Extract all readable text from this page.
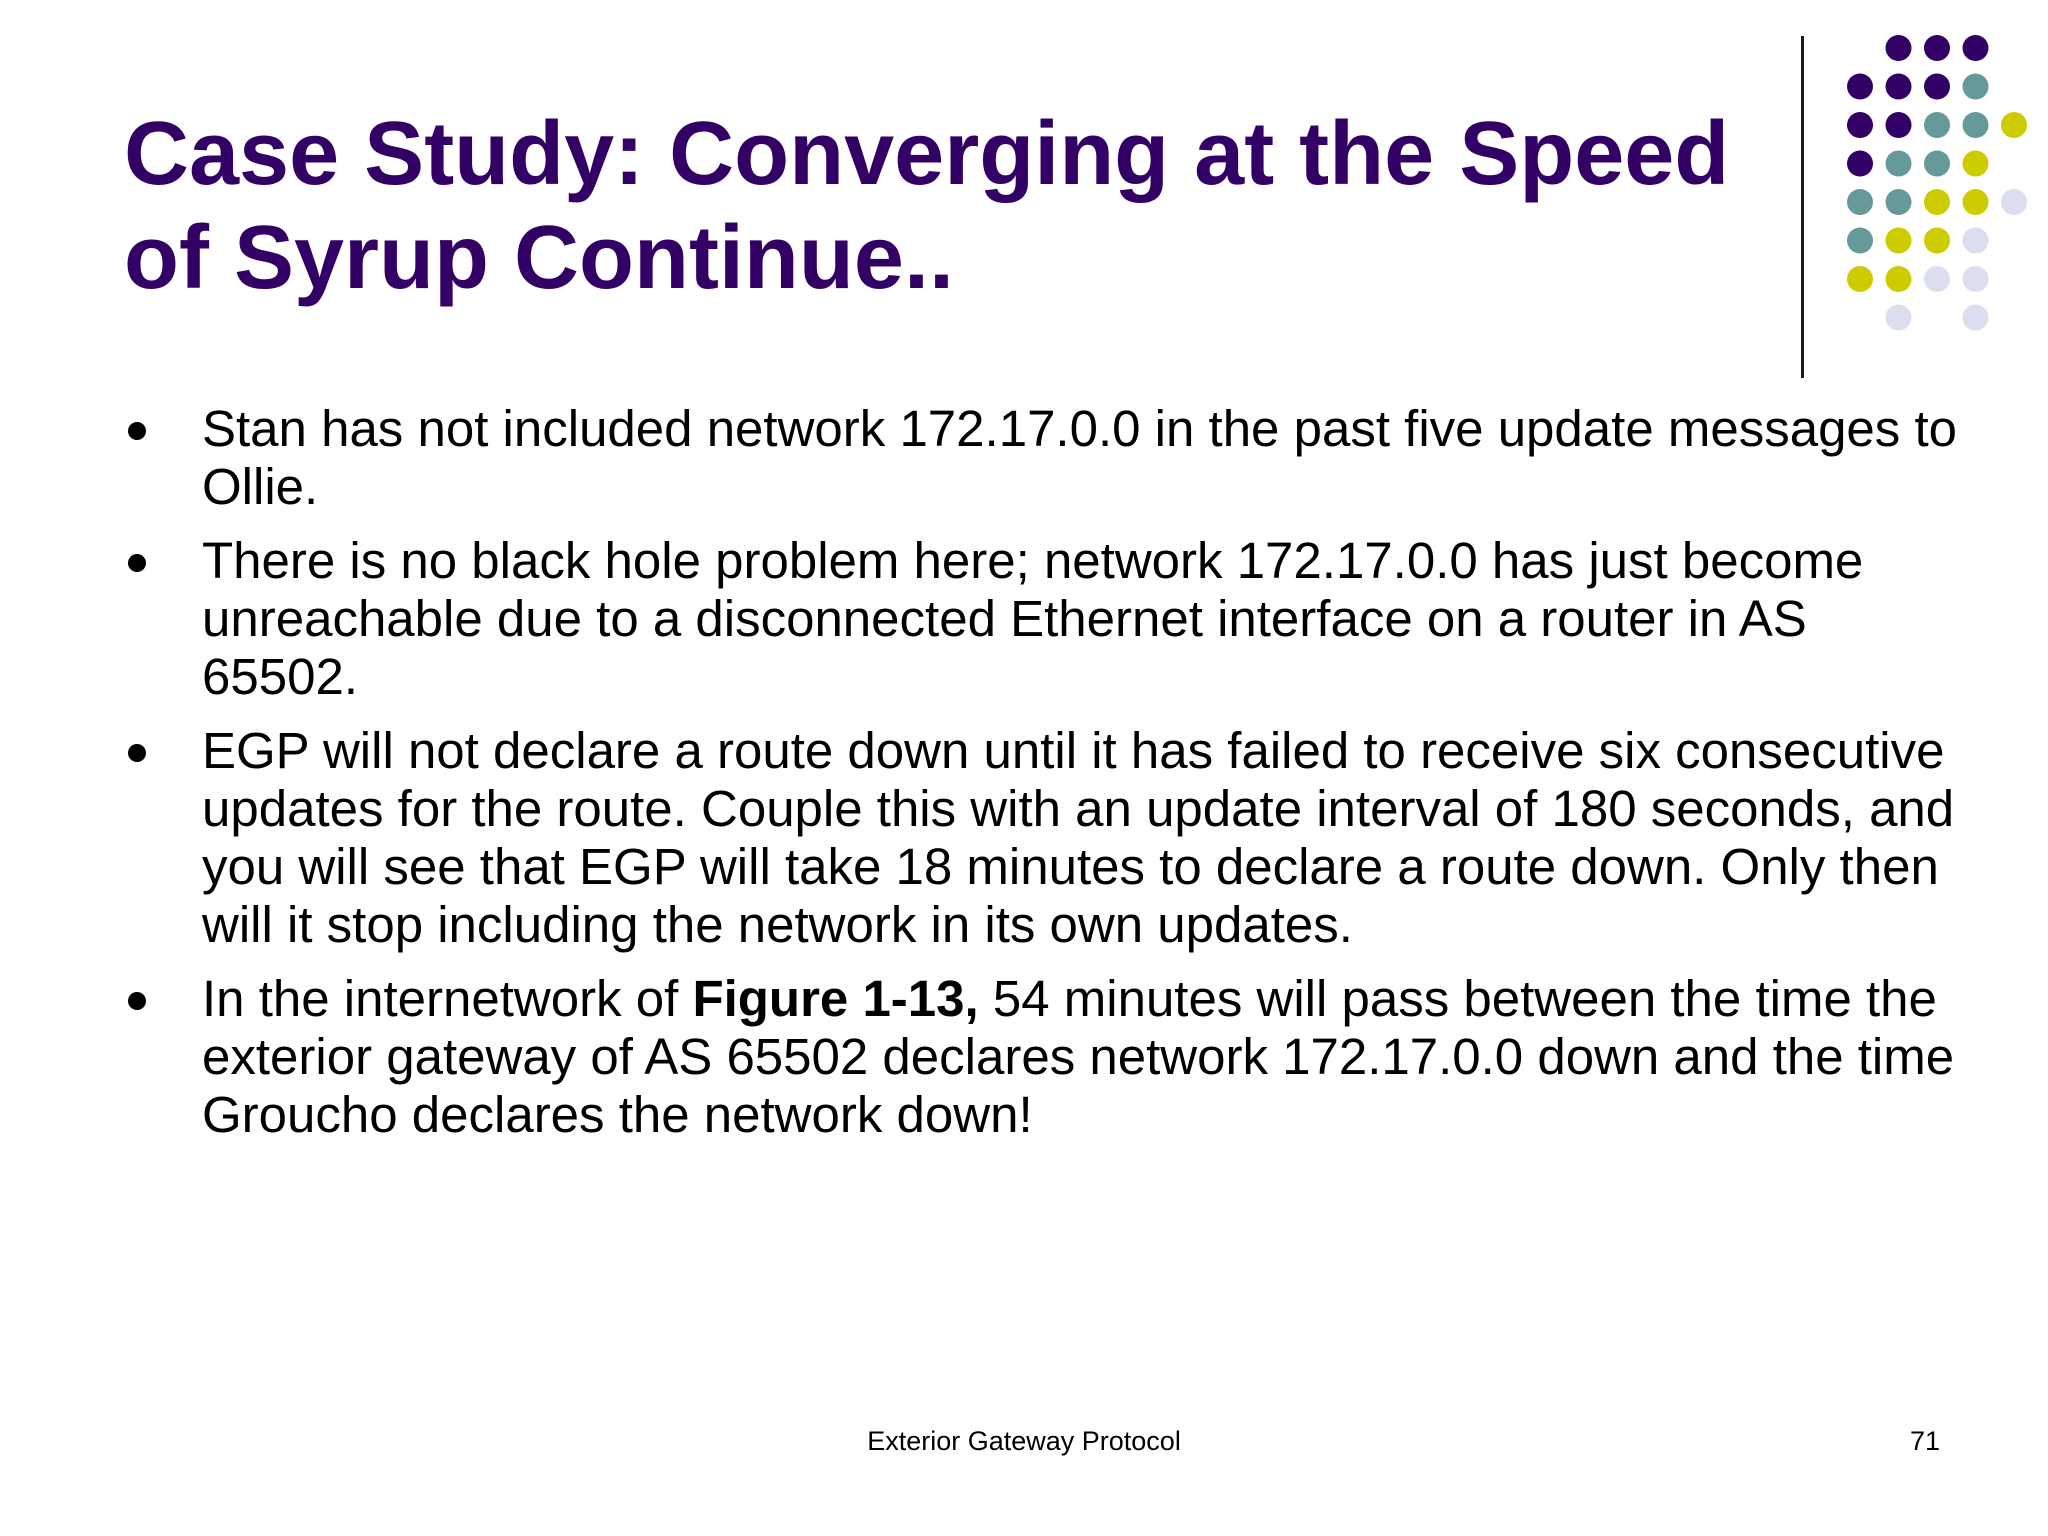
Case Study: Converging at the Speed
of Syrup Continue..
Stan has not included network 172.17.0.0 in the past five update messages to Ollie.
There is no black hole problem here; network 172.17.0.0 has just become unreachable due to a disconnected Ethernet interface on a router in AS 65502.
EGP will not declare a route down until it has failed to receive six consecutive updates for the route. Couple this with an update interval of 180 seconds, and you will see that EGP will take 18 minutes to declare a route down. Only then will it stop including the network in its own updates.
In the internetwork of Figure 1-13, 54 minutes will pass between the time the exterior gateway of AS 65502 declares network 172.17.0.0 down and the time Groucho declares the network down!
Exterior Gateway Protocol	71
